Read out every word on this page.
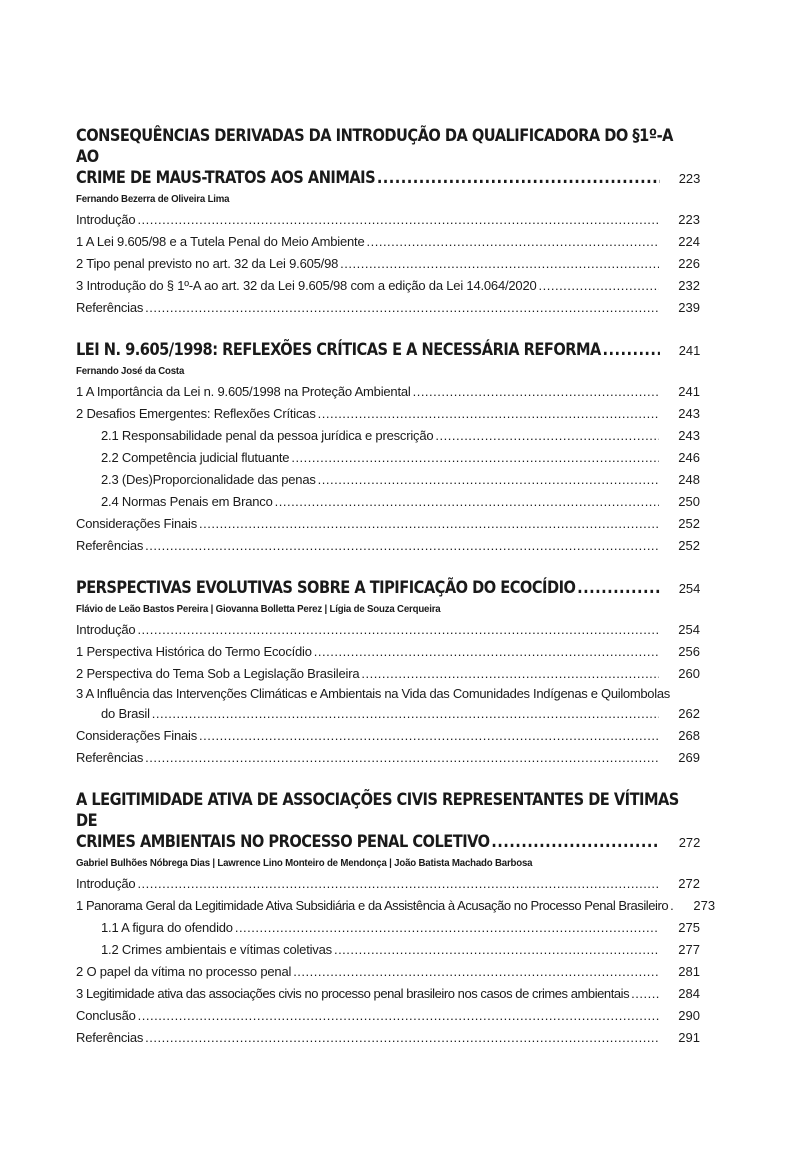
CONSEQUÊNCIAS DERIVADAS DA INTRODUÇÃO DA QUALIFICADORA DO §1º-A AO
CRIME DE MAUS-TRATOS AOS ANIMAIS .....	223
Fernando Bezerra de Oliveira Lima
Introdução .....	223
1 A Lei 9.605/98 e a Tutela Penal do Meio Ambiente .....	224
2 Tipo penal previsto no art. 32 da Lei 9.605/98 .....	226
3 Introdução do § 1º-A ao art. 32 da Lei 9.605/98 com a edição da Lei 14.064/2020 .....	232
Referências .....	239
LEI N. 9.605/1998: REFLEXÕES CRÍTICAS E A NECESSÁRIA REFORMA .....	241
Fernando José da Costa
1 A Importância da Lei n. 9.605/1998 na Proteção Ambiental .....	241
2 Desafios Emergentes: Reflexões Críticas .....	243
2.1 Responsabilidade penal da pessoa jurídica e prescrição .....	243
2.2 Competência judicial flutuante .....	246
2.3 (Des)Proporcionalidade das penas .....	248
2.4 Normas Penais em Branco .....	250
Considerações Finais .....	252
Referências .....	252
PERSPECTIVAS EVOLUTIVAS SOBRE A TIPIFICAÇÃO DO ECOCÍDIO .....	254
Flávio de Leão Bastos Pereira | Giovanna Bolletta Perez | Lígia de Souza Cerqueira
Introdução .....	254
1 Perspectiva Histórica do Termo Ecocídio .....	256
2 Perspectiva do Tema Sob a Legislação Brasileira .....	260
3 A Influência das Intervenções Climáticas e Ambientais na Vida das Comunidades Indígenas e Quilombolas
do Brasil .....	262
Considerações Finais .....	268
Referências .....	269
A LEGITIMIDADE ATIVA DE ASSOCIAÇÕES CIVIS REPRESENTANTES DE VÍTIMAS DE
CRIMES AMBIENTAIS NO PROCESSO PENAL COLETIVO .....	272
Gabriel Bulhões Nóbrega Dias | Lawrence Lino Monteiro de Mendonça | João Batista Machado Barbosa
Introdução .....	272
1 Panorama Geral da Legitimidade Ativa Subsidiária e da Assistência à Acusação no Processo Penal Brasileiro .....	273
1.1 A figura do ofendido .....	275
1.2 Crimes ambientais e vítimas coletivas .....	277
2 O papel da vítima no processo penal .....	281
3 Legitimidade ativa das associações civis no processo penal brasileiro nos casos de crimes ambientais .....	284
Conclusão .....	290
Referências .....	291
